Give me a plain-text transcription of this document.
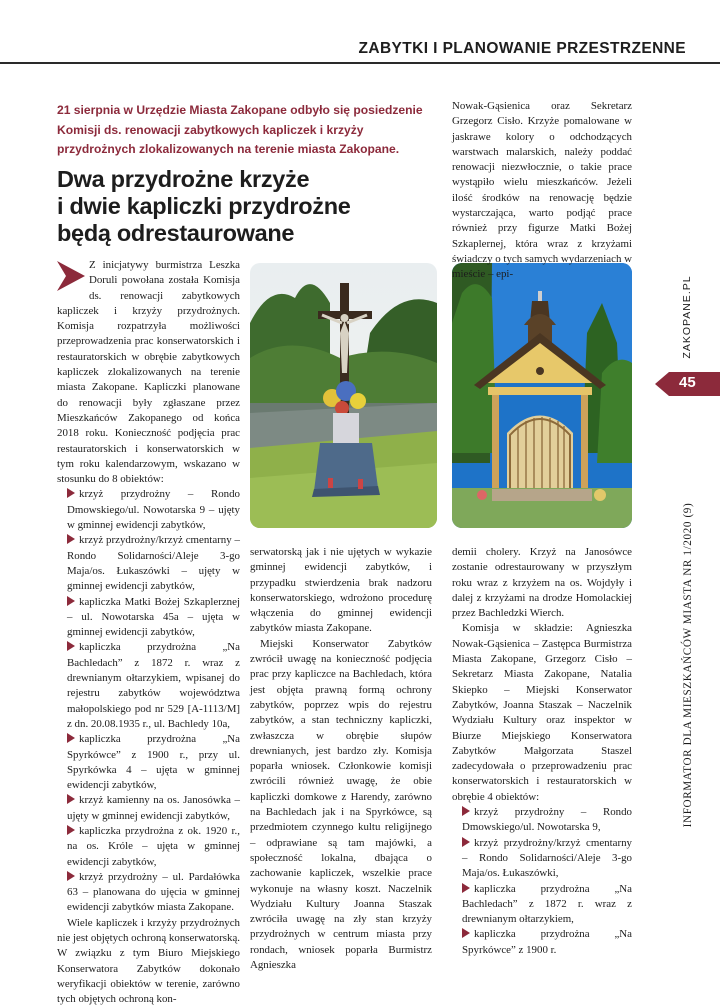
ZABYTKI I PLANOWANIE PRZESTRZENNE
21 sierpnia w Urzędzie Miasta Zakopane odbyło się posiedzenie Komisji ds. renowacji zabytkowych kapliczek i krzyży przydrożnych zlokalizowanych na terenie miasta Zakopane.
Dwa przydrożne krzyże
i dwie kapliczki przydrożne
będą odrestaurowane

Z inicjatywy burmistrza Leszka Doruli powołana została Komisja ds. renowacji zabytkowych kapliczek i krzyży przydrożnych. Komisja rozpatrzyła możliwości przeprowadzenia prac konserwatorskich i restauratorskich w obrębie zabytkowych kapliczek zlokalizowanych na terenie miasta Zakopane. Kapliczki planowane do renowacji były zgłaszane przez Mieszkańców Zakopanego od końca 2018 roku. Konieczność podjęcia prac restauratorskich i konserwatorskich w tym roku kalendarzowym, wskazano w stosunku do 8 obiektów:

krzyż przydrożny – Rondo Dmowskiego/ul. Nowotarska 9 – ujęty w gminnej ewidencji zabytków,
krzyż przydrożny/krzyż cmentarny – Rondo Solidarności/Aleje 3-go Maja/os. Łukaszówki – ujęty w gminnej ewidencji zabytków,
kapliczka Matki Bożej Szkaplerznej – ul. Nowotarska 45a – ujęta w gminnej ewidencji zabytków,
kapliczka przydrożna „Na Bachledach” z 1872 r. wraz z drewnianym ołtarzykiem, wpisanej do rejestru zabytków województwa małopolskiego pod nr 529 [A-1113/M] z dn. 20.08.1935 r., ul. Bachledy 10a,
kapliczka przydrożna „Na Spyrkówce” z 1900 r., przy ul. Spyrkówka 4 – ujęta w gminnej ewidencji zabytków,
krzyż kamienny na os. Janosówka – ujęty w gminnej ewidencji zabytków,
kapliczka przydrożna z ok. 1920 r., na os. Króle – ujęta w gminnej ewidencji zabytków,
krzyż przydrożny – ul. Pardałówka 63 – planowana do ujęcia w gminnej ewidencji zabytków miasta Zakopane.

Wiele kapliczek i krzyży przydrożnych nie jest objętych ochroną konserwatorską. W związku z tym Biuro Miejskiego Konserwatora Zabytków dokonało weryfikacji obiektów w terenie, zarówno tych objętych ochroną kon-

serwatorską jak i nie ujętych w wykazie gminnej ewidencji zabytków, i przypadku stwierdzenia brak nadzoru konserwatorskiego, wdrożono procedurę włączenia do gminnej ewidencji zabytków miasta Zakopane.

Miejski Konserwator Zabytków zwrócił uwagę na konieczność podjęcia prac przy kapliczce na Bachledach, która jest objęta prawną formą ochrony zabytków, poprzez wpis do rejestru zabytków, a stan techniczny kapliczki, zwłaszcza w obrębie słupów drewnianych, jest bardzo zły. Komisja poparła wniosek. Członkowie komisji zwrócili również uwagę, że obie kapliczki domkowe z Harendy, zarówno na Bachledach jak i na Spyrkówce, są przedmiotem czynnego kultu religijnego – odprawiane są tam majówki, a społeczność lokalna, dbająca o zachowanie kapliczek, wszelkie prace wykonuje na własny koszt. Naczelnik Wydziału Kultury Joanna Staszak zwróciła uwagę na zły stan krzyży przydrożnych w centrum miasta przy rondach, wniosek poparła Burmistrz Agnieszka

Nowak-Gąsienica oraz Sekretarz Grzegorz Cisło. Krzyże pomalowane w jaskrawe kolory o odchodzących warstwach malarskich, należy poddać renowacji niezwłocznie, o takie prace wystąpiło wielu mieszkańców. Jeżeli ilość środków na renowację będzie wystarczająca, warto podjąć prace również przy figurze Matki Bożej Szkaplernej, która wraz z krzyżami świadczy o tych samych wydarzeniach w mieście – epi-

demii cholery. Krzyż na Janosówce zostanie odrestaurowany w przyszłym roku wraz z krzyżem na os. Wojdyły i dalej z krzyżami na drodze Homolackiej przez Bachledzki Wierch.

Komisja w składzie: Agnieszka Nowak-Gąsienica – Zastępca Burmistrza Miasta Zakopane, Grzegorz Cisło – Sekretarz Miasta Zakopane, Natalia Skiepko – Miejski Konserwator Zabytków, Joanna Staszak – Naczelnik Wydziału Kultury oraz inspektor w Biurze Miejskiego Konserwatora Zabytków Małgorzata Staszel zadecydowała o przeprowadzeniu prac konserwatorskich i restauratorskich w obrębie 4 obiektów:

krzyż przydrożny – Rondo Dmowskiego/ul. Nowotarska 9,
krzyż przydrożny/krzyż cmentarny – Rondo Solidarności/Aleje 3-go Maja/os. Łukaszówki,
kapliczka przydrożna „Na Bachledach” z 1872 r. wraz z drewnianym ołtarzykiem,
kapliczka przydrożna „Na Spyrkówce” z 1900 r.
ZAKOPANE.PL
45
INFORMATOR DLA MIESZKAŃCÓW MIASTA NR 1/2020 (9)
